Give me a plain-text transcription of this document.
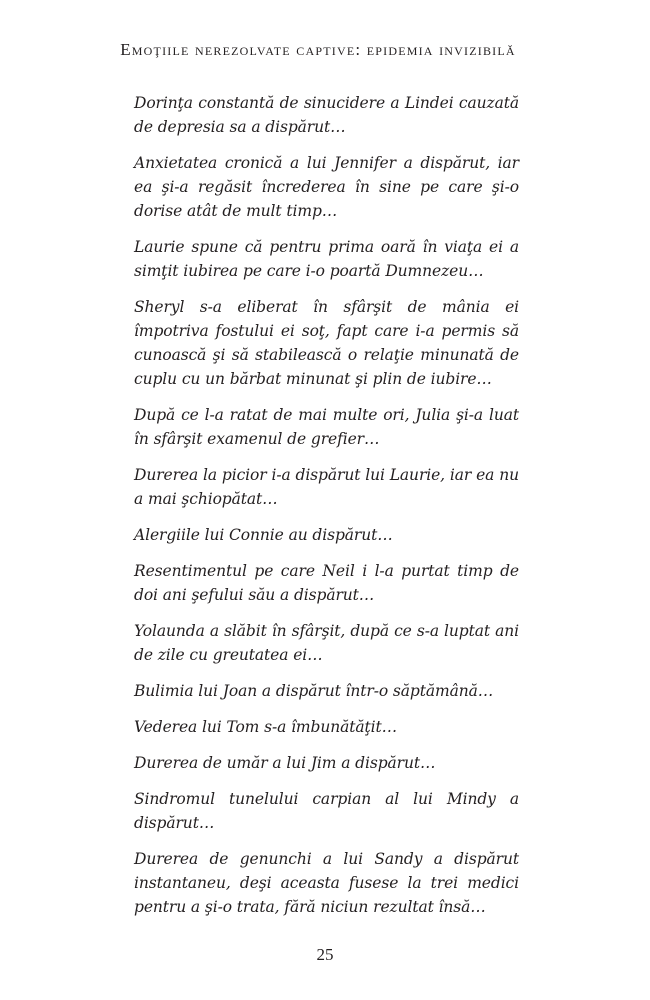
Emoţiile nerezolvate captive: epidemia invizibilă

Dorinţa constantă de sinucidere a Lindei cauzată de depresia sa a dispărut…

Anxietatea cronică a lui Jennifer a dispărut, iar ea şi-a regăsit încrederea în sine pe care şi-o dorise atât de mult timp…

Laurie spune că pentru prima oară în viaţa ei a simţit iubirea pe care i-o poartă Dumnezeu…

Sheryl s-a eliberat în sfârşit de mânia ei împotriva fostului ei soţ, fapt care i-a permis să cunoască şi să stabilească o relaţie minunată de cuplu cu un bărbat minunat şi plin de iubire…

După ce l-a ratat de mai multe ori, Julia şi-a luat în sfârşit examenul de grefier…

Durerea la picior i-a dispărut lui Laurie, iar ea nu a mai şchiopătat…

Alergiile lui Connie au dispărut…

Resentimentul pe care Neil i l-a purtat timp de doi ani şefului său a dispărut…

Yolaunda a slăbit în sfârşit, după ce s-a luptat ani de zile cu greutatea ei…

Bulimia lui Joan a dispărut într-o săptămână…

Vederea lui Tom s-a îmbunătăţit…

Durerea de umăr a lui Jim a dispărut…

Sindromul tunelului carpian al lui Mindy a dispărut…

Durerea de genunchi a lui Sandy a dispărut instantaneu, deşi aceasta fusese la trei medici pentru a şi-o trata, fără niciun rezultat însă…

25
